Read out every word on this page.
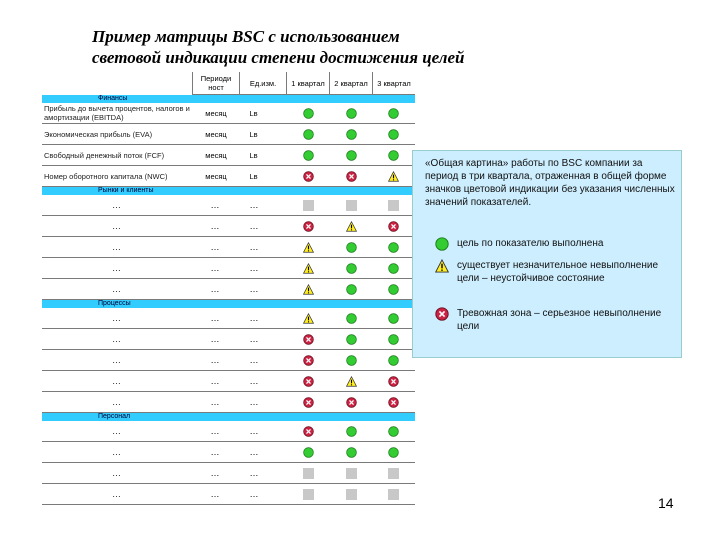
Пример матрицы BSC с использованием
световой индикации степени достижения целей
	Периоди ност	Ед.изм.	1 квартал	2 квартал	3 квартал
Финансы					
Прибыль до вычета процентов, налогов и амортизации (EBITDA)	месяц	Lв			
Экономическая прибыль (EVA)	месяц	Lв			
Свободный денежный поток (FCF)	месяц	Lв			
Номер оборотного капитала (NWC)	месяц	Lв			
Рынки и клиенты					
…	…	…			
…	…	…			
…	…	…			
…	…	…			
…	…	…			
Процессы					
…	…	…			
…	…	…			
…	…	…			
…	…	…			
…	…	…			
Персонал					
…	…	…			
…	…	…			
…	…	…			
…	…	…			
«Общая картина» работы по BSC компании за период в три квартала, отраженная в общей форме значков цветовой индикации без указания численных значений показателей.
цель по показателю выполнена
существует незначительное невыполнение цели – неустойчивое состояние
Тревожная зона – серьезное невыполнение цели
14
